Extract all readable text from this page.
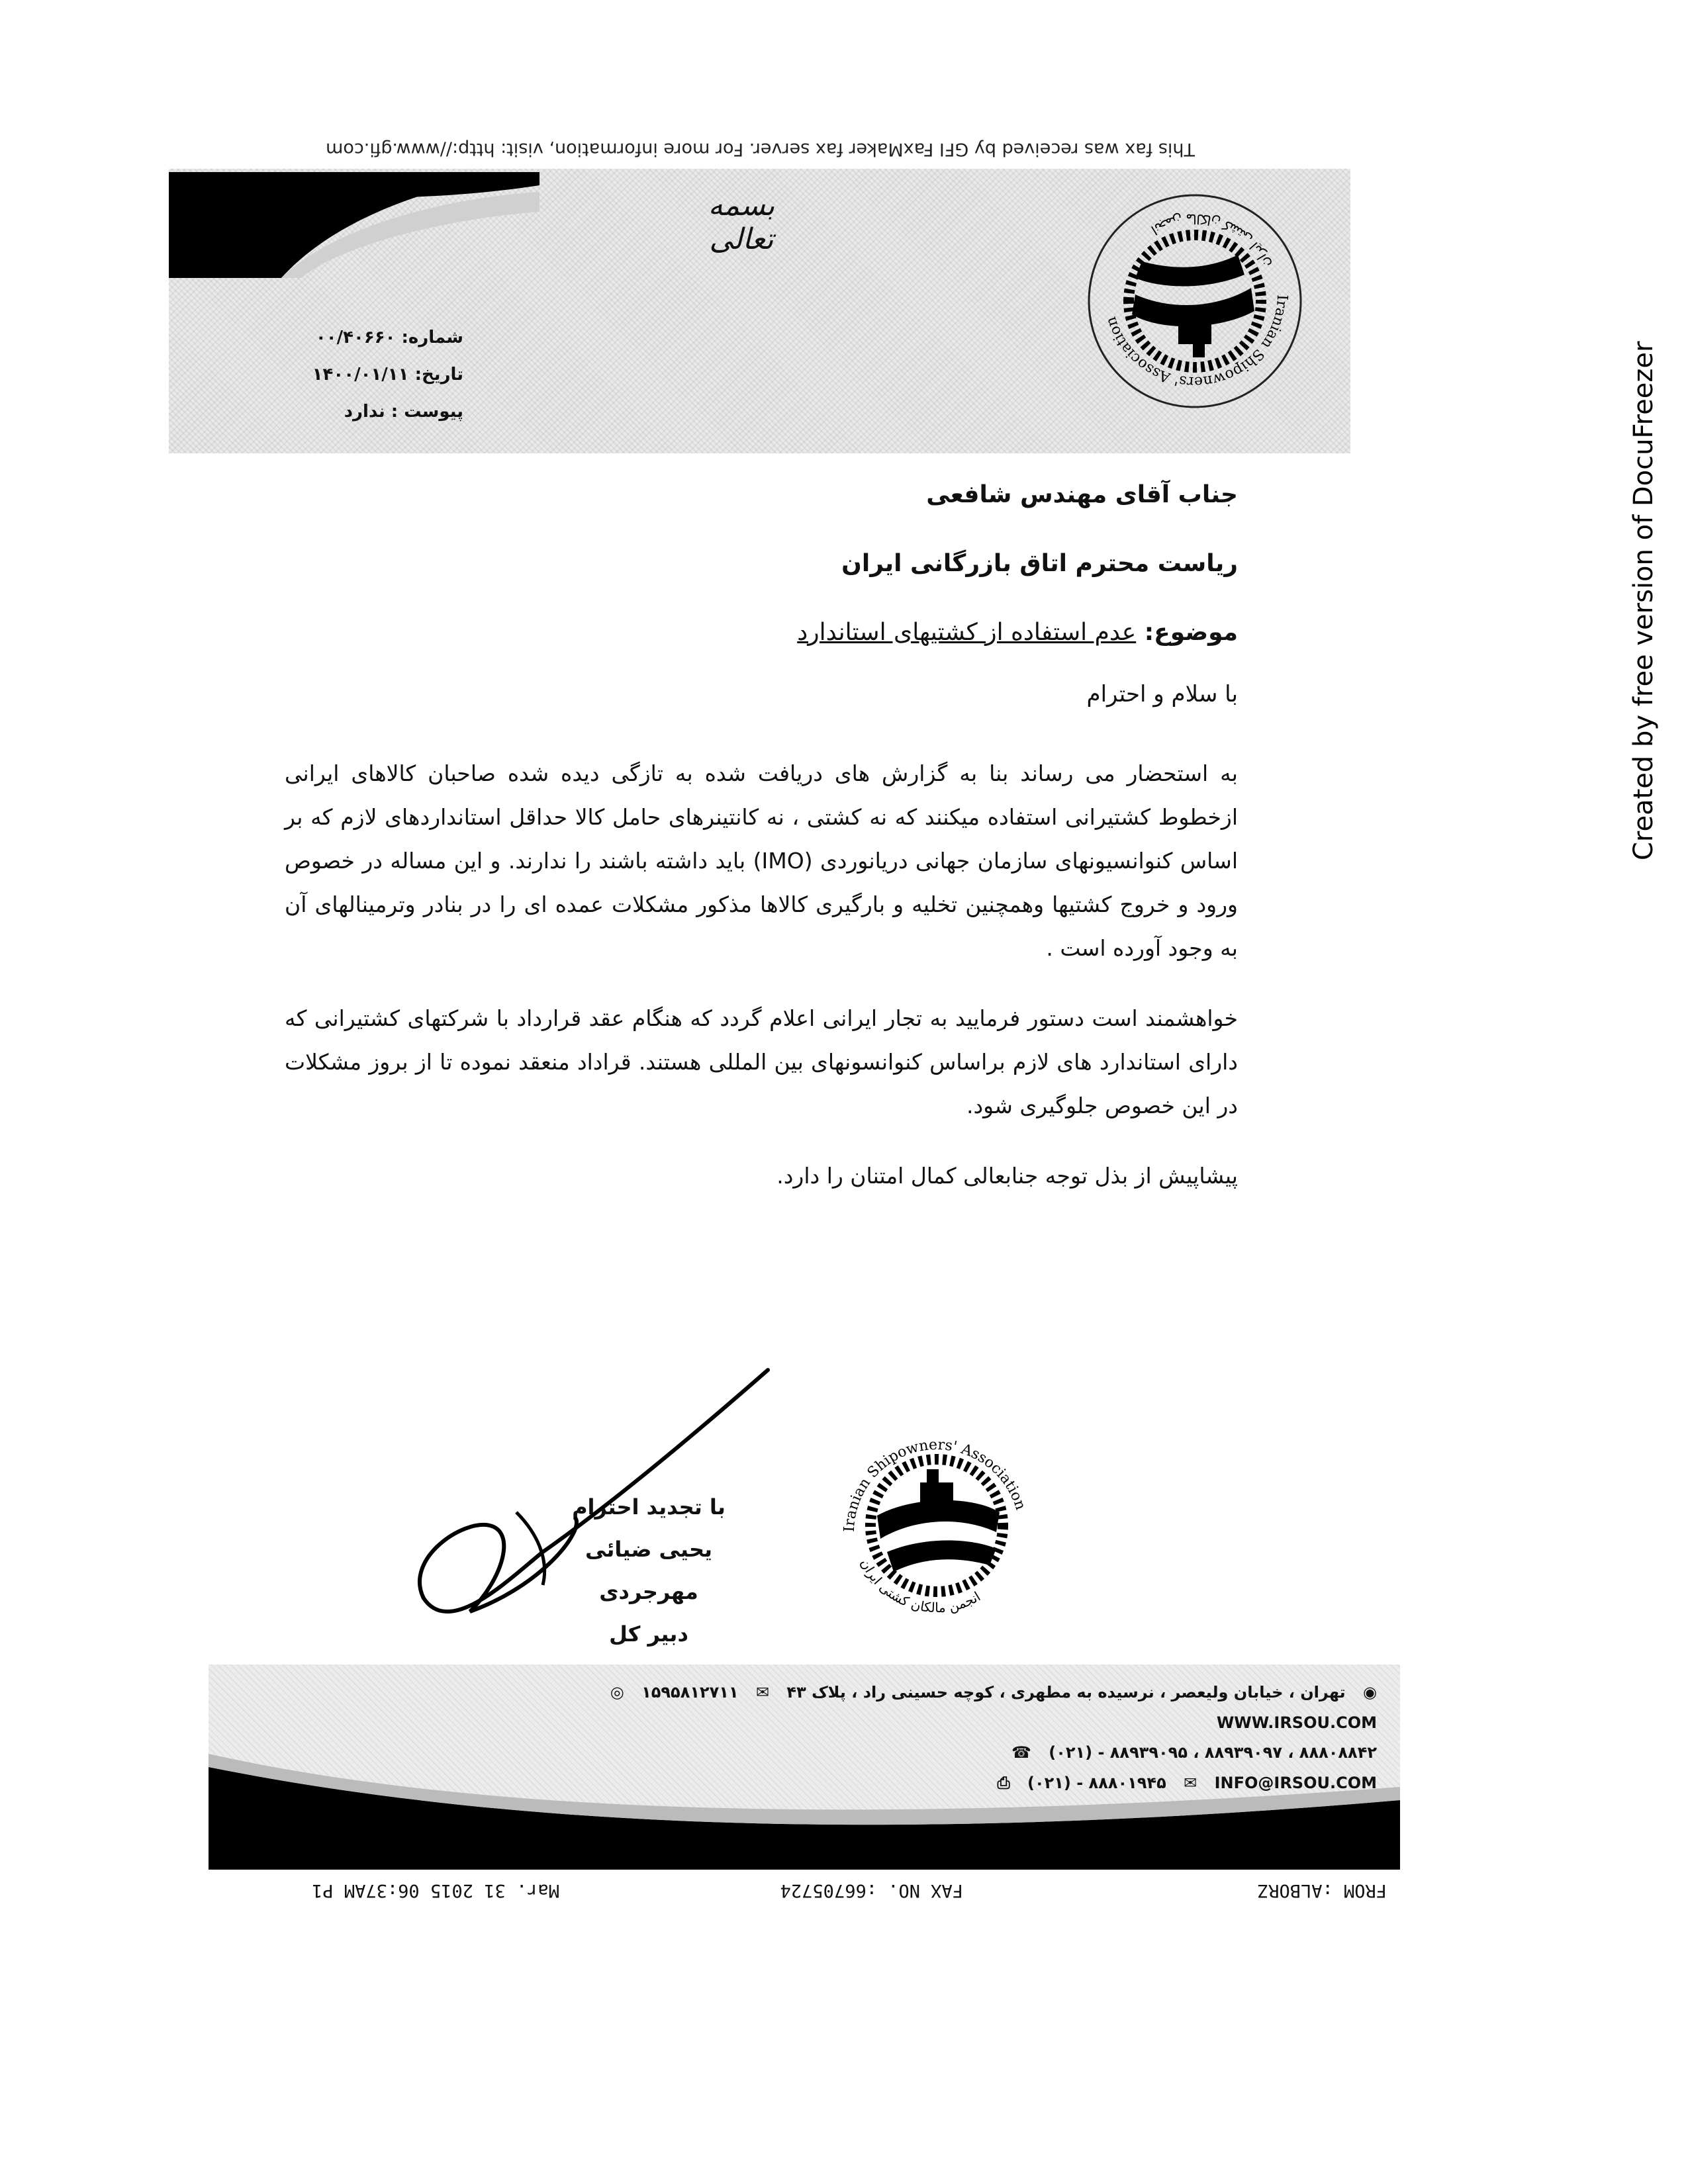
This fax was received by GFI FaxMaker fax server. For more information, visit: http://www.gfi.com
بسمه تعالی
شماره: ۰۰/۴۰۶۶۰
تاریخ: ۱۴۰۰/۰۱/۱۱
پیوست : ندارد
Iranian Shipowners' Association
انجمن مالکان کشتی ایران
جناب آقای مهندس شافعی
ریاست محترم اتاق بازرگانی ایران
موضوع: عدم استفاده از کشتیهای استاندارد
با سلام و احترام
به استحضار می رساند بنا به گزارش های دریافت شده به تازگی دیده شده صاحبان کالاهای ایرانی ازخطوط کشتیرانی استفاده میکنند که نه کشتی ، نه کانتینرهای حامل کالا حداقل استانداردهای لازم که بر اساس کنوانسیونهای سازمان جهانی دریانوردی (IMO) باید داشته باشند را ندارند. و این مساله در خصوص ورود و خروج کشتیها وهمچنین تخلیه و بارگیری کالاها مذکور مشکلات عمده ای را در بنادر وترمینالهای آن به وجود آورده است .
خواهشمند است دستور فرمایید به تجار ایرانی اعلام گردد که هنگام عقد قرارداد با شرکتهای کشتیرانی که دارای استاندارد های لازم براساس کنوانسونهای بین المللی هستند. قراداد منعقد نموده تا از بروز مشکلات در این خصوص جلوگیری شود.
پیشاپیش از بذل توجه جنابعالی کمال امتنان را دارد.
با تجدید احترام
یحیی ضیائی مهرجردی
دبیر کل
Iranian Shipowners' Association
انجمن مالکان کشتی ایران
◉ تهران ، خیابان ولیعصر ، نرسیده به مطهری ، کوچه حسینی راد ، پلاک ۴۳ ✉ ۱۵۹۵۸۱۲۷۱۱ ◎ WWW.IRSOU.COM
☎ (۰۲۱) - ۸۸۹۳۹۰۹۵ ، ۸۸۹۳۹۰۹۷ ، ۸۸۸۰۸۸۴۲
⎙ (۰۲۱) - ۸۸۸۰۱۹۴۵ ✉ INFO@IRSOU.COM
FROM :ALBORZ
FAX NO. :66705724
Mar. 31 2015 06:37AM P1
Created by free version of DocuFreezer
